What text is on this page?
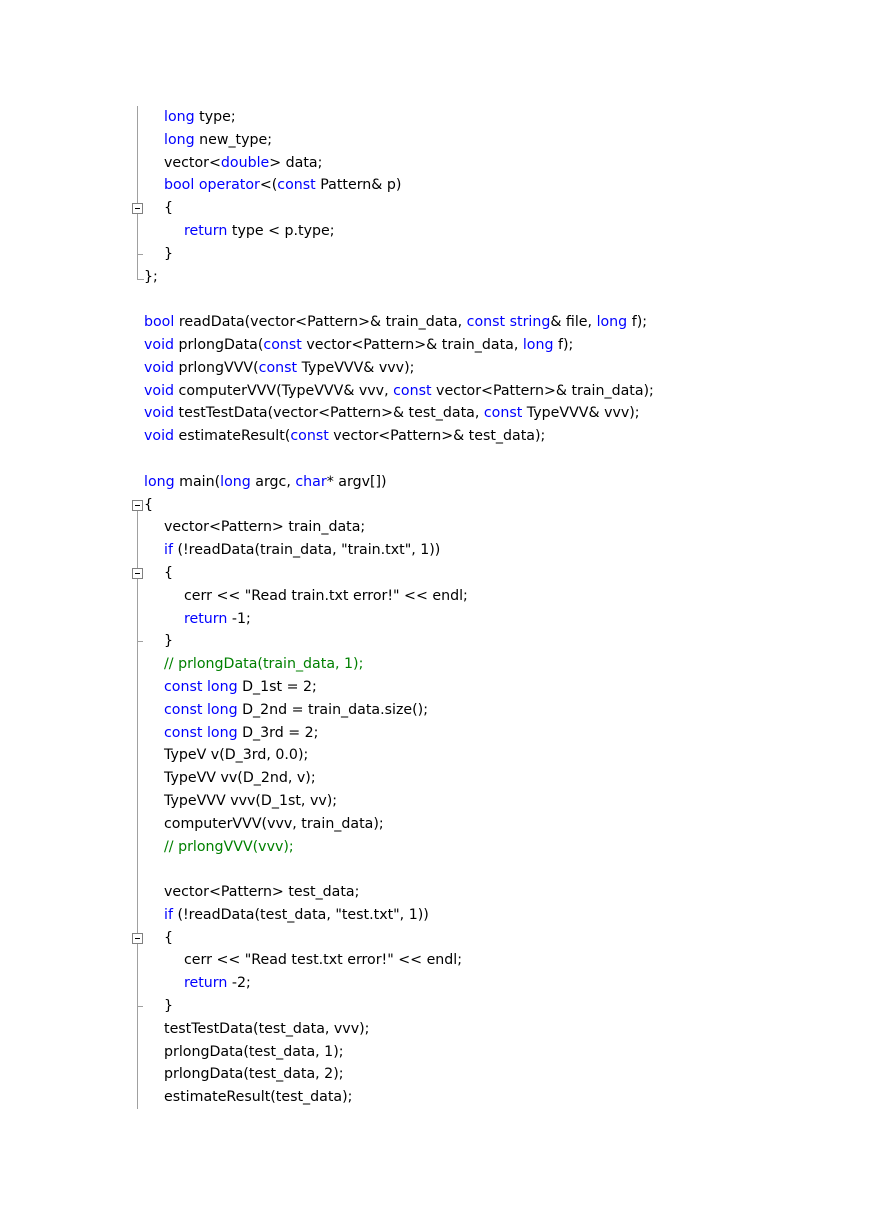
long type;
long new_type;
vector<double> data;
bool operator<(const Pattern& p)
{
return type < p.type;
}
};
bool readData(vector<Pattern>& train_data, const string& file, long f);
void prlongData(const vector<Pattern>& train_data, long f);
void prlongVVV(const TypeVVV& vvv);
void computerVVV(TypeVVV& vvv, const vector<Pattern>& train_data);
void testTestData(vector<Pattern>& test_data, const TypeVVV& vvv);
void estimateResult(const vector<Pattern>& test_data);
long main(long argc, char* argv[])
{
vector<Pattern> train_data;
if (!readData(train_data, "train.txt", 1))
{
cerr << "Read train.txt error!" << endl;
return -1;
}
// prlongData(train_data, 1);
const long D_1st = 2;
const long D_2nd = train_data.size();
const long D_3rd = 2;
TypeV v(D_3rd, 0.0);
TypeVV vv(D_2nd, v);
TypeVVV vvv(D_1st, vv);
computerVVV(vvv, train_data);
// prlongVVV(vvv);
vector<Pattern> test_data;
if (!readData(test_data, "test.txt", 1))
{
cerr << "Read test.txt error!" << endl;
return -2;
}
testTestData(test_data, vvv);
prlongData(test_data, 1);
prlongData(test_data, 2);
estimateResult(test_data);
